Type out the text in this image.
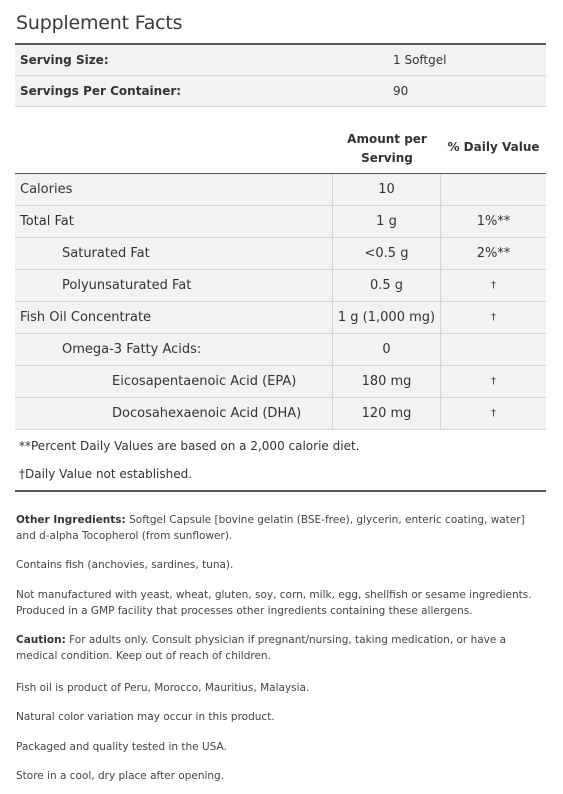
Supplement Facts
Serving Size:	1 Softgel
Servings Per Container:	90
Amount per
Serving
% Daily Value
Calories	10	
Total Fat	1 g	1%**
Saturated Fat	<0.5 g	2%**
Polyunsaturated Fat	0.5 g	†
Fish Oil Concentrate	1 g (1,000 mg)	†
Omega-3 Fatty Acids:	0	
Eicosapentaenoic Acid (EPA)	180 mg	†
Docosahexaenoic Acid (DHA)	120 mg	†
**Percent Daily Values are based on a 2,000 calorie diet.
†Daily Value not established.

Other Ingredients: Softgel Capsule [bovine gelatin (BSE-free), glycerin, enteric coating, water] and d-alpha Tocopherol (from sunflower).

Contains fish (anchovies, sardines, tuna).

Not manufactured with yeast, wheat, gluten, soy, corn, milk, egg, shellfish or sesame ingredients. Produced in a GMP facility that processes other ingredients containing these allergens.

Caution: For adults only. Consult physician if pregnant/nursing, taking medication, or have a medical condition. Keep out of reach of children.

Fish oil is product of Peru, Morocco, Mauritius, Malaysia.

Natural color variation may occur in this product.

Packaged and quality tested in the USA.

Store in a cool, dry place after opening.
